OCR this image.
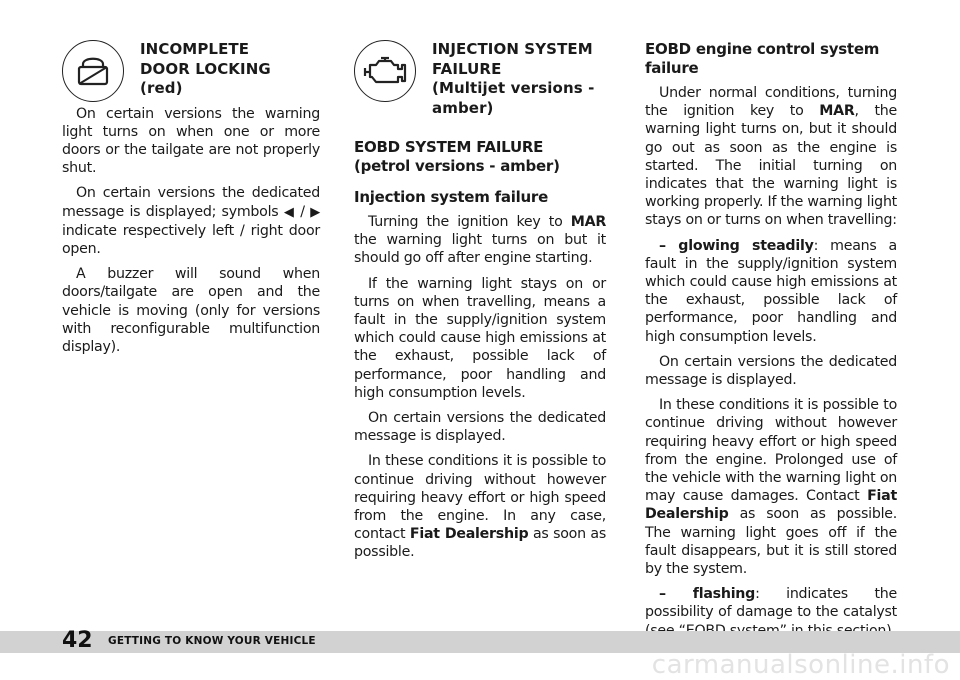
INCOMPLETE
DOOR LOCKING
(red)

On certain versions the warning light turns on when one or more doors or the tailgate are not properly shut.

On certain versions the dedicated message is displayed; symbols ◀ / ▶ indicate respectively left / right door open.

A buzzer will sound when doors/tailgate are open and the vehicle is moving (only for versions with reconfigurable multifunction display).

INJECTION SYSTEM
FAILURE
(Multijet versions -
amber)
EOBD SYSTEM FAILURE
(petrol versions - amber)
Injection system failure

Turning the ignition key to MAR the warning light turns on but it should go off after engine starting.

If the warning light stays on or turns on when travelling, means a fault in the supply/ignition system which could cause high emissions at the exhaust, possible lack of performance, poor handling and high consumption levels.

On certain versions the dedicated message is displayed.

In these conditions it is possible to continue driving without however requiring heavy effort or high speed from the engine. In any case, contact Fiat Dealership as soon as possible.

EOBD engine control system
failure

Under normal conditions, turning the ignition key to MAR, the warning light turns on, but it should go out as soon as the engine is started. The initial turning on indicates that the warning light is working properly. If the warning light stays on or turns on when travelling:

– glowing steadily: means a fault in the supply/ignition system which could cause high emissions at the exhaust, possible lack of performance, poor handling and high consumption levels.

On certain versions the dedicated message is displayed.

In these conditions it is possible to continue driving without however requiring heavy effort or high speed from the engine. Prolonged use of the vehicle with the warning light on may cause damages. Contact Fiat Dealership as soon as possible. The warning light goes off if the fault disappears, but it is still stored by the system.

– flashing: indicates the possibility of damage to the catalyst

42 GETTING TO KNOW YOUR VEHICLE
carmanualsonline.info
